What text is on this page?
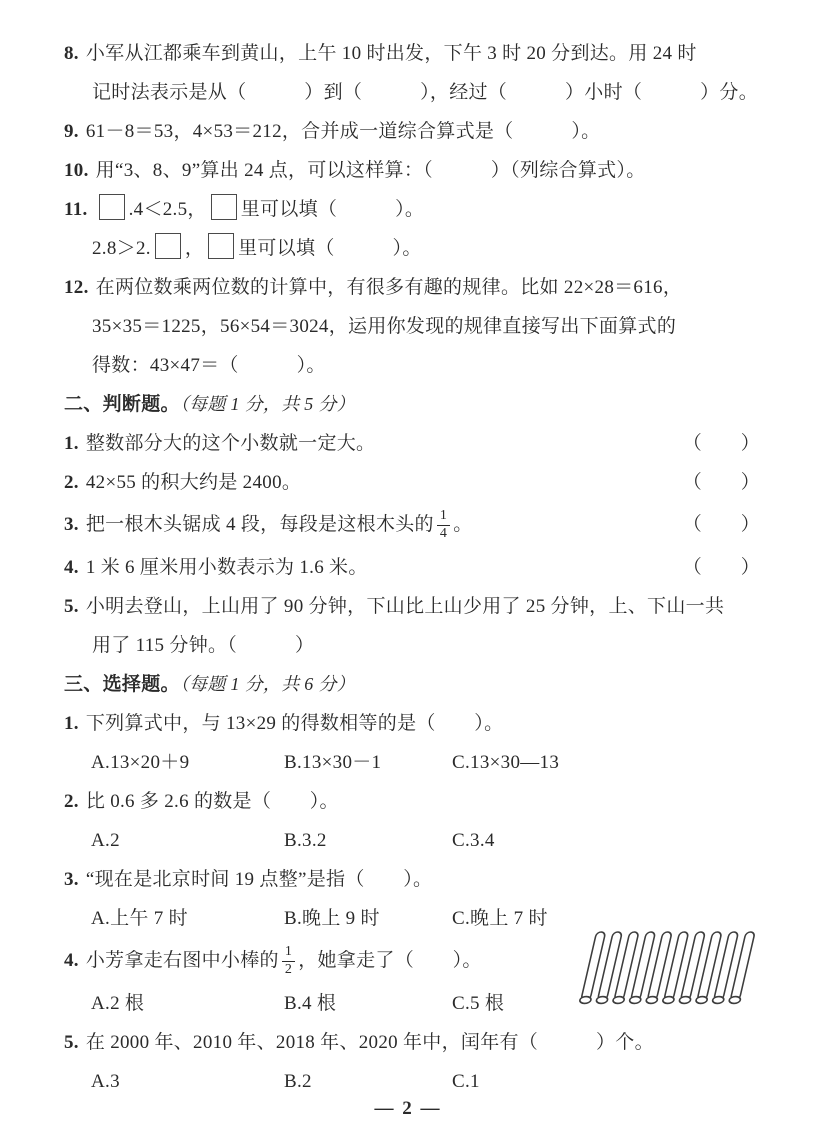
8. 小军从江都乘车到黄山，上午 10 时出发，下午 3 时 20 分到达。用 24 时
记时法表示是从（　　　）到（　　　），经过（　　　）小时（　　　）分。
9. 61－8＝53，4×53＝212，合并成一道综合算式是（　　　）。
10. 用“3、8、9”算出 24 点，可以这样算：（　　　）（列综合算式）。
11. .4＜2.5， 里可以填（　　　）。
2.8＞2. ， 里可以填（　　　）。
12. 在两位数乘两位数的计算中，有很多有趣的规律。比如 22×28＝616，
35×35＝1225，56×54＝3024，运用你发现的规律直接写出下面算式的
得数：43×47＝（　　　）。
二、判断题。（每题 1 分，共 5 分）
1. 整数部分大的这个小数就一定大。	（　　）
2. 42×55 的积大约是 2400。	（　　）
3. 把一根木头锯成 4 段，每段是这根木头的 $\frac{1}{4}$ 。	（　　）
4. 1 米 6 厘米用小数表示为 1.6 米。	（　　）
5. 小明去登山，上山用了 90 分钟，下山比上山少用了 25 分钟，上、下山一共
用了 115 分钟。（　　　）
三、选择题。（每题 1 分，共 6 分）
1. 下列算式中，与 13×29 的得数相等的是（　　）。
A.13×20＋9	B.13×30－1	C.13×30—13
2. 比 0.6 多 2.6 的数是（　　）。
A.2	B.3.2	C.3.4
3. “现在是北京时间 19 点整”是指（　　）。
A.上午 7 时	B.晚上 9 时	C.晚上 7 时
4. 小芳拿走右图中小棒的 $\frac{1}{2}$ ，她拿走了（　　）。
A.2 根	B.4 根	C.5 根
5. 在 2000 年、2010 年、2018 年、2020 年中，闰年有（　　　）个。
A.3	B.2	C.1
— 2 —
